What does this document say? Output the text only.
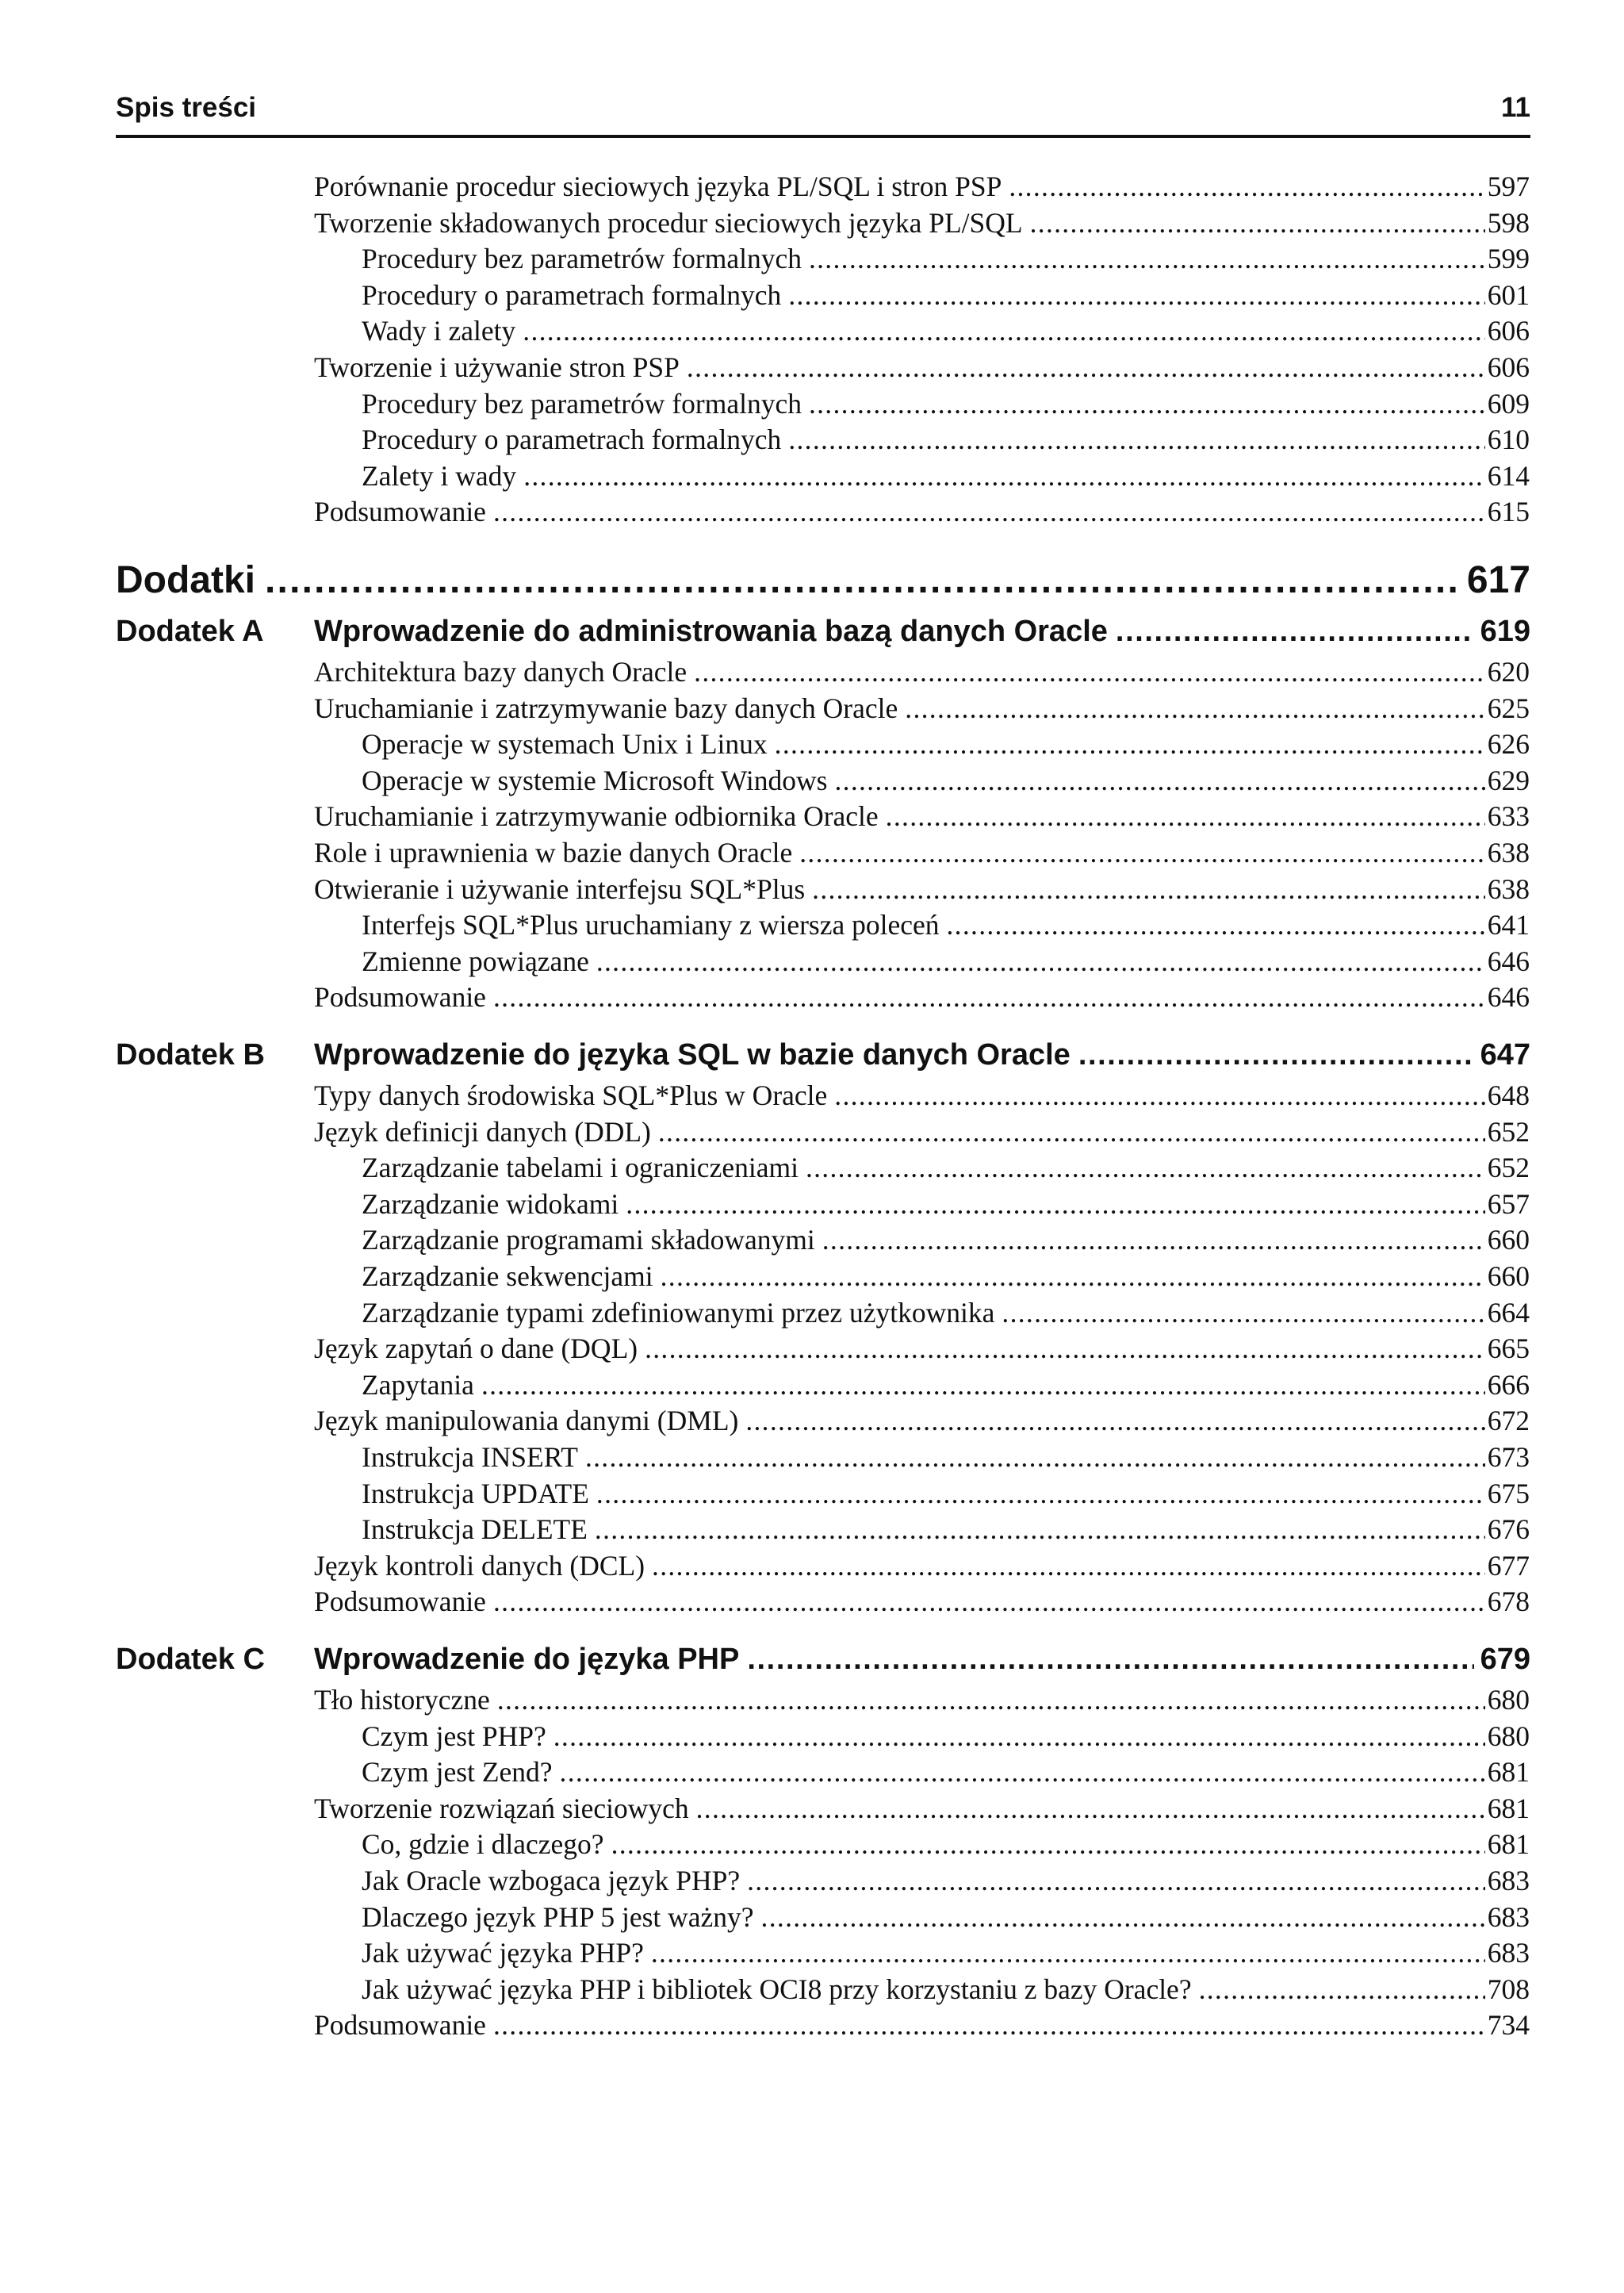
Spis treści	11
Porównanie procedur sieciowych języka PL/SQL i stron PSP .....	597
Tworzenie składowanych procedur sieciowych języka PL/SQL .....	598
Procedury bez parametrów formalnych .....	599
Procedury o parametrach formalnych .....	601
Wady i zalety .....	606
Tworzenie i używanie stron PSP .....	606
Procedury bez parametrów formalnych .....	609
Procedury o parametrach formalnych .....	610
Zalety i wady .....	614
Podsumowanie .....	615
Dodatki .....	617
Dodatek A	Wprowadzenie do administrowania bazą danych Oracle .....	619
Architektura bazy danych Oracle .....	620
Uruchamianie i zatrzymywanie bazy danych Oracle .....	625
Operacje w systemach Unix i Linux .....	626
Operacje w systemie Microsoft Windows .....	629
Uruchamianie i zatrzymywanie odbiornika Oracle .....	633
Role i uprawnienia w bazie danych Oracle .....	638
Otwieranie i używanie interfejsu SQL*Plus .....	638
Interfejs SQL*Plus uruchamiany z wiersza poleceń .....	641
Zmienne powiązane .....	646
Podsumowanie .....	646
Dodatek B	Wprowadzenie do języka SQL w bazie danych Oracle .....	647
Typy danych środowiska SQL*Plus w Oracle .....	648
Język definicji danych (DDL) .....	652
Zarządzanie tabelami i ograniczeniami .....	652
Zarządzanie widokami .....	657
Zarządzanie programami składowanymi .....	660
Zarządzanie sekwencjami .....	660
Zarządzanie typami zdefiniowanymi przez użytkownika .....	664
Język zapytań o dane (DQL) .....	665
Zapytania .....	666
Język manipulowania danymi (DML) .....	672
Instrukcja INSERT .....	673
Instrukcja UPDATE .....	675
Instrukcja DELETE .....	676
Język kontroli danych (DCL) .....	677
Podsumowanie .....	678
Dodatek C	Wprowadzenie do języka PHP .....	679
Tło historyczne .....	680
Czym jest PHP? .....	680
Czym jest Zend? .....	681
Tworzenie rozwiązań sieciowych .....	681
Co, gdzie i dlaczego? .....	681
Jak Oracle wzbogaca język PHP? .....	683
Dlaczego język PHP 5 jest ważny? .....	683
Jak używać języka PHP? .....	683
Jak używać języka PHP i bibliotek OCI8 przy korzystaniu z bazy Oracle? .....	708
Podsumowanie .....	734
